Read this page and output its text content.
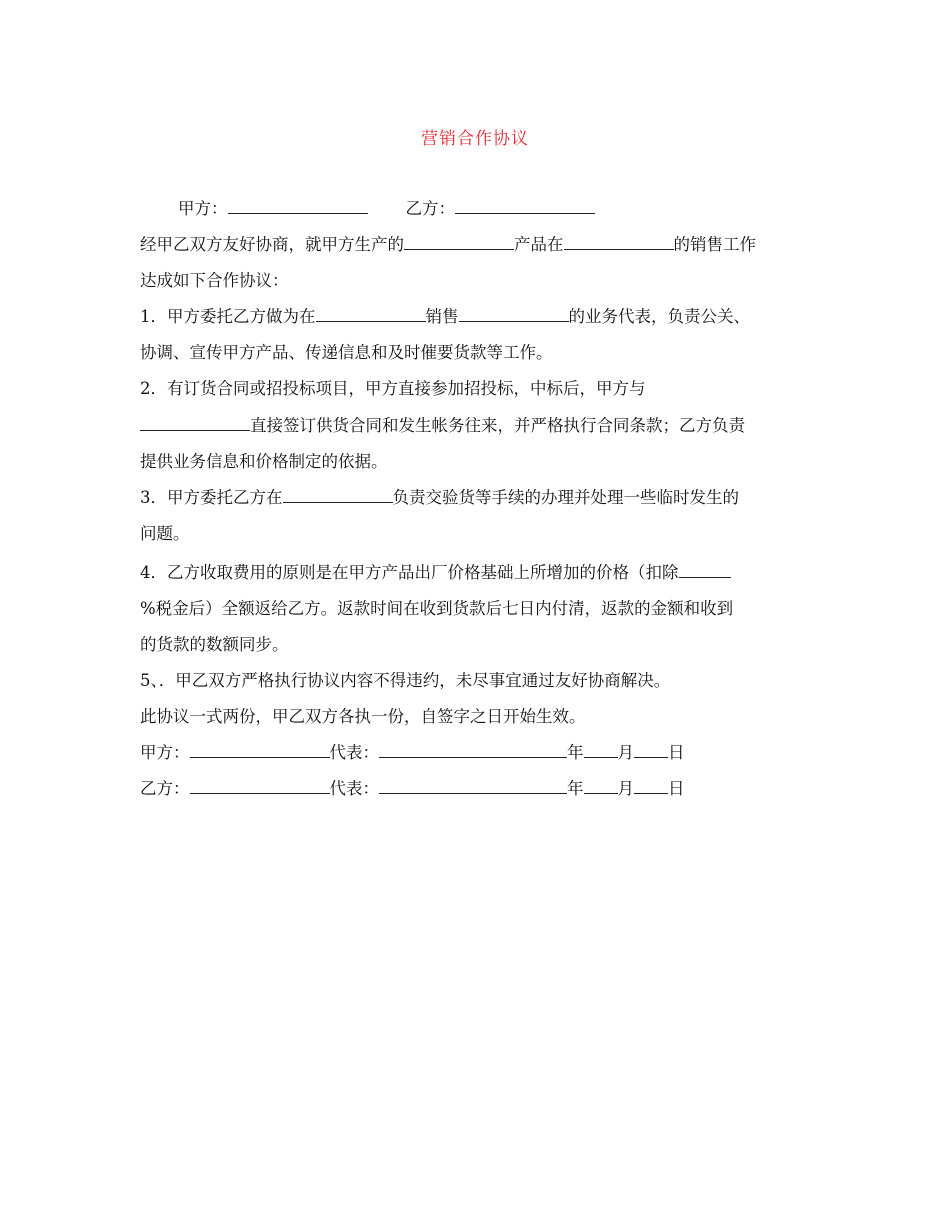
营销合作协议
甲方：	乙方：
经甲乙双方友好协商，就甲方生产的	产品在	的销售工作
达成如下合作协议：
1．甲方委托乙方做为在	销售	的业务代表，负责公关、
协调、宣传甲方产品、传递信息和及时催要货款等工作。
2．有订货合同或招投标项目，甲方直接参加招投标，中标后，甲方与
直接签订供货合同和发生帐务往来，并严格执行合同条款；乙方负责
提供业务信息和价格制定的依据。
3．甲方委托乙方在	负责交验货等手续的办理并处理一些临时发生的
问题。
4．乙方收取费用的原则是在甲方产品出厂价格基础上所增加的价格（扣除
%税金后）全额返给乙方。返款时间在收到货款后七日内付清，返款的金额和收到
的货款的数额同步。
5、．甲乙双方严格执行协议内容不得违约，未尽事宜通过友好协商解决。
此协议一式两份，甲乙双方各执一份，自签字之日开始生效。
甲方：	代表：	年 月 日
乙方：	代表：	年 月 日
